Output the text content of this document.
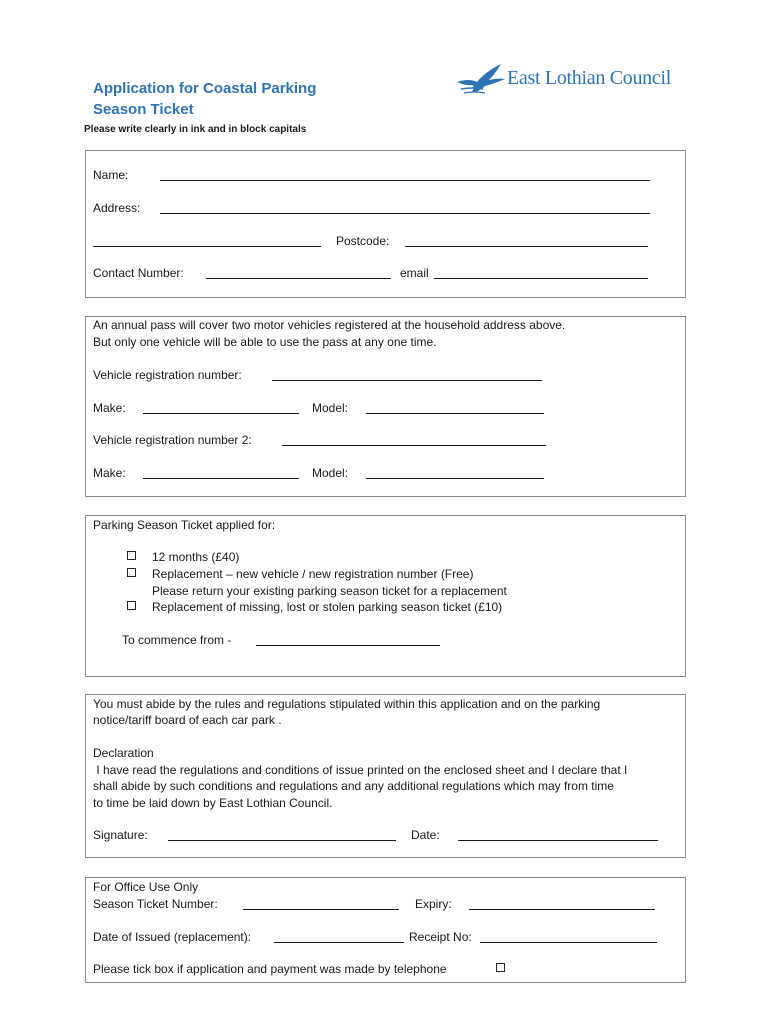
Application for Coastal Parking
Season Ticket
Please write clearly in ink and in block capitals
East Lothian Council
Name:
Address:
Postcode:
Contact Number:	email
An annual pass will cover two motor vehicles registered at the household address above.
But only one vehicle will be able to use the pass at any one time.
Vehicle registration number:
Make:	Model:
Vehicle registration number 2:
Make:	Model:
Parking Season Ticket applied for:
12 months (£40)
Replacement – new vehicle / new registration number (Free)
Please return your existing parking season ticket for a replacement
Replacement of missing, lost or stolen parking season ticket (£10)
To commence from -
You must abide by the rules and regulations stipulated within this application and on the parking
notice/tariff board of each car park .
Declaration
I have read the regulations and conditions of issue printed on the enclosed sheet and I declare that I
shall abide by such conditions and regulations and any additional regulations which may from time
to time be laid down by East Lothian Council.
Signature:	Date:
For Office Use Only
Season Ticket Number:	Expiry:
Date of Issued (replacement):	Receipt No:
Please tick box if application and payment was made by telephone
